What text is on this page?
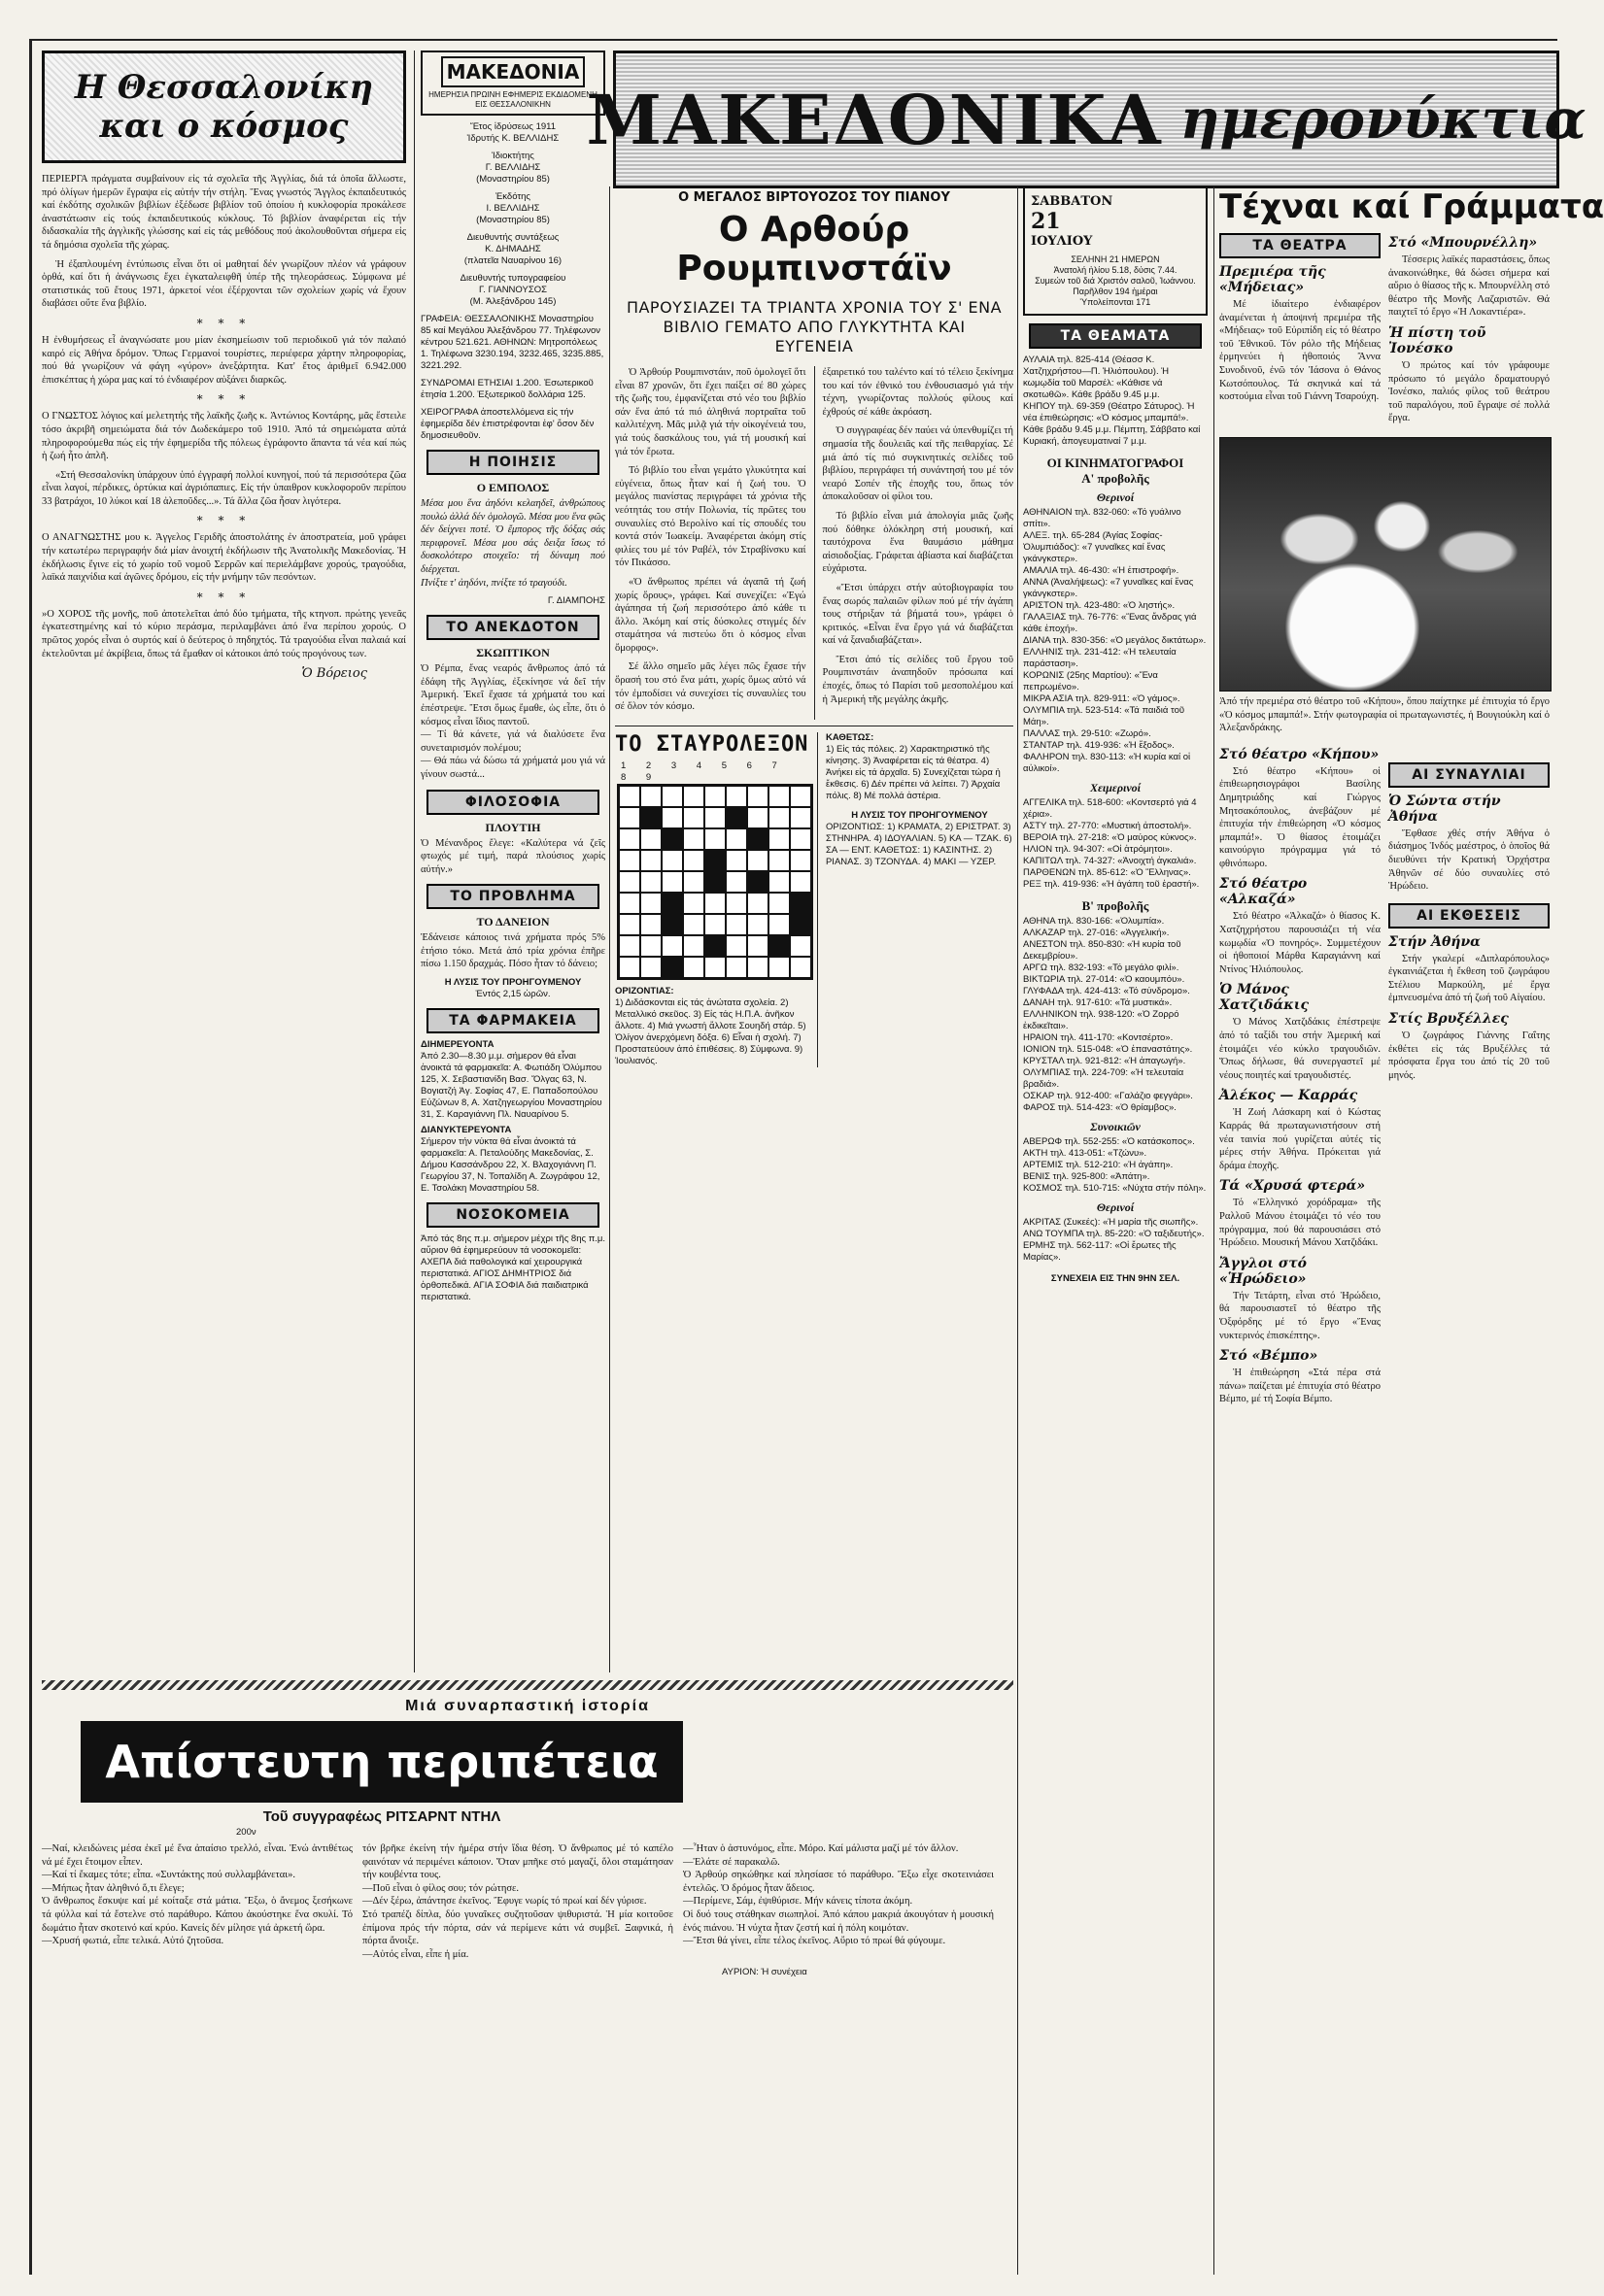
ΜΑΚΕΔΟΝΙΚΑ ημερονύκτια
Η Θεσσαλονίκη
και ο κόσμος

ΠΕΡΙΕΡΓΑ πράγματα συμβαίνουν εἰς τά σχολεῖα τῆς Ἀγγλίας, διά τά ὁποῖα ἄλλωστε, πρό ὀλίγων ἡμερῶν ἔγραψα εἰς αὐτήν τήν στήλη. Ἕνας γνωστός Ἄγγλος ἐκπαιδευτικός καί ἐκδότης σχολικῶν βιβλίων ἐξέδωσε βιβλίον τοῦ ὁποίου ἡ κυκλοφορία προκάλεσε ἀναστάτωσιν εἰς τούς ἐκπαιδευτικούς κύκλους. Τό βιβλίον ἀναφέρεται εἰς τήν διδασκαλία τῆς ἀγγλικῆς γλώσσης καί εἰς τάς μεθόδους πού ἀκολουθοῦνται σήμερα εἰς τά δημόσια σχολεῖα τῆς χώρας.

Ἡ ἐξαπλουμένη ἐντύπωσις εἶναι ὅτι οἱ μαθηταί δέν γνωρίζουν πλέον νά γράφουν ὀρθά, καί ὅτι ἡ ἀνάγνωσις ἔχει ἐγκαταλειφθῆ ὑπέρ τῆς τηλεοράσεως. Σύμφωνα μέ στατιστικάς τοῦ ἔτους 1971, ἀρκετοί νέοι ἐξέρχονται τῶν σχολείων χωρίς νά ἔχουν διαβάσει οὔτε ἕνα βιβλίο.

* * *

Η ἐνθυμήσεως εἶ ἀναγνώσατε μου μίαν ἐκσημείωσιν τοῦ περιοδικοῦ γιά τόν παλαιό καιρό εἰς Ἀθήνα δρόμον. Ὅπως Γερμανοί τουρίστες, περιέφερα χάρτην πληροφορίας, πού θά γνωρίζουν νά φάγη «γύρον» ἀνεξάρτητα. Κατ' ἔτος ἀριθμεῖ 6.942.000 ἐπισκέπτας ἡ χώρα μας καί τό ἐνδιαφέρον αὐξάνει διαρκῶς.

* * *

Ο ΓΝΩΣΤΟΣ λόγιος καί μελετητής τῆς λαϊκῆς ζωῆς κ. Ἀντώνιος Κοντάρης, μᾶς ἔστειλε τόσο ἀκριβῆ σημειώματα διά τόν Δωδεκάμερο τοῦ 1910. Ἀπό τά σημειώματα αὐτά πληροφορούμεθα πώς εἰς τήν ἐφημερίδα τῆς πόλεως ἐγράφοντο ἅπαντα τά νέα καί πώς ἡ ζωή ἦτο ἁπλῆ.

«Στή Θεσσαλονίκη ὑπάρχουν ὑπό ἐγγραφή πολλοί κυνηγοί, πού τά περισσότερα ζῶα εἶναι λαγοί, πέρδικες, ὀρτύκια καί ἀγριόπαπιες. Εἰς τήν ὑπαιθρον κυκλοφοροῦν περίπου 33 βατράχοι, 10 λύκοι καί 18 ἀλεποῦδες...». Τά ἄλλα ζῶα ἦσαν λιγότερα.

* * *

Ο ΑΝΑΓΝΩΣΤΗΣ μου κ. Ἀγγελος Γεριδῆς ἀποστολάτης ἐν ἀποστρατεία, μοῦ γράφει τήν κατωτέρω περιγραφήν διά μίαν ἀνοιχτή ἐκδήλωσιν τῆς Ἀνατολικῆς Μακεδονίας. Ἡ ἐκδήλωσις ἔγινε εἰς τό χωρίο τοῦ νομοῦ Σερρῶν καί περιελάμβανε χορούς, τραγούδια, λαϊκά παιχνίδια καί ἀγῶνες δρόμου, εἰς τήν μνήμην τῶν πεσόντων.

* * *

»Ο ΧΟΡΟΣ τῆς μονῆς, ποῦ ἀποτελεῖται ἀπό δύο τμήματα, τῆς κτηνοπ. πρώτης γενεᾶς ἐγκατεστημένης καί τό κύριο περάσμα, περιλαμβάνει ἀπό ἕνα περίπου χορούς. Ο πρῶτος χορός εἶναι ὁ συρτός καί ὁ δεύτερος ὁ πηδηχτός. Τά τραγούδια εἶναι παλαιά καί ἐκτελοῦνται μέ ἀκρίβεια, ὅπως τά ἔμαθαν οἱ κάτοικοι ἀπό τούς προγόνους των.

Ὁ Βόρειος
ΜΑΚΕΔΟΝΙΑ
ΗΜΕΡΗΣΙΑ ΠΡΩΙΝΗ ΕΦΗΜΕΡΙΣ ΕΚΔΙΔΟΜΕΝΗ ΕΙΣ ΘΕΣΣΑΛΟΝΙΚΗΝ
Ἔτος ἱδρύσεως 1911
Ἱδρυτής Κ. ΒΕΛΛΙΔΗΣ
Ἰδιοκτήτης
Γ. ΒΕΛΛΙΔΗΣ
(Μοναστηρίου 85)
Ἐκδότης
Ι. ΒΕΛΛΙΔΗΣ
(Μοναστηρίου 85)
Διευθυντής συντάξεως
Κ. ΔΗΜΑΔΗΣ
(πλατεῖα Ναυαρίνου 16)
Διευθυντής τυπογραφείου
Γ. ΓΙΑΝΝΟΥΣΟΣ
(Μ. Ἀλεξάνδρου 145)
ΓΡΑΦΕΙΑ: ΘΕΣΣΑΛΟΝΙΚΗΣ Μοναστηρίου 85 καί Μεγάλου Ἀλεξάνδρου 77. Τηλέφωνον κέντρου 521.621. ΑΘΗΝΩΝ: Μητροπόλεως 1. Τηλέφωνα 3230.194, 3232.465, 3235.885, 3221.292.
ΣΥΝΔΡΟΜΑΙ ΕΤΗΣΙΑΙ 1.200. Ἐσωτερικοῦ ἐτησία 1.200. Ἐξωτερικοῦ δολλάρια 125.
ΧΕΙΡΟΓΡΑΦΑ ἀποστελλόμενα εἰς τήν ἐφημερίδα δέν ἐπιστρέφονται ἐφ' ὅσον δέν δημοσιευθοῦν.
Η ΠΟΙΗΣΙΣ
Ο ΕΜΠΟΛΟΣ
Μέσα μου ἕνα ἀηδόνι κελαηδεῖ, ἀνθρώπους πουλώ ἀλλά δέν ὁμολογῶ. Μέσα μου ἕνα φῶς δέν δείχνει ποτέ. Ὁ ἔμπορος τῆς δόξας σάς περιφρονεῖ. Μέσα μου σάς δειξα ἴσως τό δυσκολότερο στοιχεῖο: τή δύναμη πού διέρχεται.
Πνίξτε τ' ἀηδόνι, πνίξτε τό τραγούδι.
Γ. ΔΙΑΜΠΟΗΣ
ΤΟ ΑΝΕΚΔΟΤΟΝ
ΣΚΩΠΤΙΚΟΝ
Ὁ Ρέμπα, ἕνας νεαρός ἄνθρωπος ἀπό τά ἐδάφη τῆς Ἀγγλίας, ἐξεκίνησε νά δεῖ τήν Ἀμερική. Ἐκεῖ ἔχασε τά χρήματά του καί ἐπέστρεψε. Ἔτσι ὅμως ἔμαθε, ὡς εἶπε, ὅτι ὁ κόσμος εἶναι ἴδιος παντοῦ.
— Τί θά κάνετε, γιά νά διαλύσετε ἕνα συνεταιρισμόν πολέμου;
— Θά πάω νά δώσω τά χρήματά μου γιά νά γίνουν σωστά...
ΦΙΛΟΣΟΦΙΑ
ΠΛΟΥΤΙΗ
Ὁ Μένανδρος ἔλεγε: «Καλύτερα νά ζεῖς φτωχός μέ τιμή, παρά πλούσιος χωρίς αὐτήν.»
ΤΟ ΠΡΟΒΛΗΜΑ
ΤΟ ΔΑΝΕΙΟΝ
Ἐδάνεισε κάποιος τινά χρήματα πρός 5% ἐτήσιο τόκο. Μετά ἀπό τρία χρόνια ἐπῆρε πίσω 1.150 δραχμάς. Πόσο ἦταν τό δάνειο;
Η ΛΥΣΙΣ ΤΟΥ ΠΡΟΗΓΟΥΜΕΝΟΥ
Ἐντός 2,15 ὡρῶν.
ΤΑ ΦΑΡΜΑΚΕΙΑ
ΔΙΗΜΕΡΕΥΟΝΤΑ
Ἀπό 2.30—8.30 μ.μ. σήμερον θά εἶναι ἀνοικτά τά φαρμακεῖα: Α. Φωτιάδη Ὀλύμπου 125, Χ. Σεβαστιανίδη Βασ. Ὄλγας 63, Ν. Βογιατζή Ἁγ. Σοφίας 47, Ε. Παπαδοπούλου Εὐζώνων 8, Α. Χατζηγεωργίου Μοναστηρίου 31, Σ. Καραγιάννη Πλ. Ναυαρίνου 5.
ΔΙΑΝΥΚΤΕΡΕΥΟΝΤΑ
Σήμερον τήν νύκτα θά εἶναι ἀνοικτά τά φαρμακεῖα: Α. Πεταλούδης Μακεδονίας, Σ. Δήμου Κασσάνδρου 22, Χ. Βλαχογιάννη Π. Γεωργίου 37, Ν. Τοπαλίδη Α. Ζωγράφου 12, Ε. Τσολάκη Μοναστηρίου 58.
ΝΟΣΟΚΟΜΕΙΑ
Ἀπό τάς 8ης π.μ. σήμερον μέχρι τῆς 8ης π.μ. αὔριον θά ἐφημερεύουν τά νοσοκομεῖα: ΑΧΕΠΑ διά παθολογικά καί χειρουργικά περιστατικά. ΑΓΙΟΣ ΔΗΜΗΤΡΙΟΣ διά ὀρθοπεδικά. ΑΓΙΑ ΣΟΦΙΑ διά παιδιατρικά περιστατικά.
Ο ΜΕΓΑΛΟΣ ΒΙΡΤΟΥΟΖΟΣ ΤΟΥ ΠΙΑΝΟΥ
Ο Αρθούρ Ρουμπινστάϊν
ΠΑΡΟΥΣΙΑΖΕΙ ΤΑ ΤΡΙΑΝΤΑ ΧΡΟΝΙΑ ΤΟΥ Σ' ΕΝΑ ΒΙΒΛΙΟ ΓΕΜΑΤΟ ΑΠΟ ΓΛΥΚΥΤΗΤΑ ΚΑΙ ΕΥΓΕΝΕΙΑ

Ὁ Ἀρθούρ Ρουμπινστάιν, ποῦ ὁμολογεῖ ὅτι εἶναι 87 χρονῶν, ὅτι ἔχει παίξει σέ 80 χώρες τῆς ζωῆς του, ἐμφανίζεται στό νέο του βιβλίο σάν ἕνα ἀπό τά πιό ἀληθινά πορτραῖτα τοῦ καλλιτέχνη. Μᾶς μιλᾷ γιά τήν οἰκογένειά του, γιά τούς δασκάλους του, γιά τή μουσική καί γιά τόν ἔρωτα.

Τό βιβλίο του εἶναι γεμάτο γλυκύτητα καί εὐγένεια, ὅπως ἦταν καί ἡ ζωή του. Ὁ μεγάλος πιανίστας περιγράφει τά χρόνια τῆς νεότητάς του στήν Πολωνία, τίς πρῶτες του συναυλίες στό Βερολίνο καί τίς σπουδές του κοντά στόν Ἰωακείμ. Ἀναφέρεται ἀκόμη στίς φιλίες του μέ τόν Ραβέλ, τόν Στραβίνσκυ καί τόν Πικάσσο.

«Ὁ ἄνθρωπος πρέπει νά ἀγαπᾶ τή ζωή χωρίς ὅρους», γράφει. Καί συνεχίζει: «Ἐγώ ἀγάπησα τή ζωή περισσότερο ἀπό κάθε τι ἄλλο. Ἀκόμη καί στίς δύσκολες στιγμές δέν σταμάτησα νά πιστεύω ὅτι ὁ κόσμος εἶναι ὄμορφος».

Σέ ἄλλο σημεῖο μᾶς λέγει πῶς ἔχασε τήν ὅρασή του στό ἕνα μάτι, χωρίς ὅμως αὐτό νά τόν ἐμποδίσει νά συνεχίσει τίς συναυλίες του σέ ὅλον τόν κόσμο.

ἐξαιρετικό του ταλέντο καί τό τέλειο ξεκίνημα του καί τόν ἐθνικό του ἐνθουσιασμό γιά τήν τέχνη, γνωρίζοντας πολλούς φίλους καί ἐχθρούς σέ κάθε ἀκρόαση.

Ὁ συγγραφέας δέν παύει νά ὑπενθυμίζει τή σημασία τῆς δουλειᾶς καί τῆς πειθαρχίας. Σέ μιά ἀπό τίς πιό συγκινητικές σελίδες τοῦ βιβλίου, περιγράφει τή συνάντησή του μέ τόν νεαρό Σοπέν τῆς ἐποχῆς του, ὅπως τόν ἀποκαλοῦσαν οἱ φίλοι του.

Τό βιβλίο εἶναι μιά ἀπολογία μιᾶς ζωῆς πού δόθηκε ὁλόκληρη στή μουσική, καί ταυτόχρονα ἕνα θαυμάσιο μάθημα αἰσιοδοξίας. Γράφεται ἀβίαστα καί διαβάζεται εὐχάριστα.

«Ἔτσι ὑπάρχει στήν αὐτοβιογραφία του ἕνας σωρός παλαιῶν φίλων πού μέ τήν ἀγάπη τους στήριξαν τά βήματά του», γράφει ὁ κριτικός. «Εἶναι ἕνα ἔργο γιά νά διαβάζεται καί νά ξαναδιαβάζεται».

Ἔτσι ἀπό τίς σελίδες τοῦ ἔργου τοῦ Ρουμπινστάιν ἀναπηδοῦν πρόσωπα καί ἐποχές, ὅπως τό Παρίσι τοῦ μεσοπολέμου καί ἡ Ἀμερική τῆς μεγάλης ἀκμῆς.

ΤΟ ΣΤΑΥΡΟΛΕΞΟΝ
1 2 3 4 5 6 7 8 9
ΟΡΙΖΟΝΤΙΑΣ:
1) Διδάσκονται εἰς τάς ἀνώτατα σχολεία. 2) Μεταλλικό σκεῦος. 3) Εἰς τάς Η.Π.Α. ἀνῆκον ἄλλοτε. 4) Μιά γνωστή ἄλλοτε Σουηδή στάρ. 5) Ὀλίγον ἀνερχόμενη δόξα. 6) Εἶναι ἡ σχολή. 7) Προστατεύουν ἀπό ἐπιθέσεις. 8) Σύμφωνα. 9) Ἰουλιανός.
ΚΑΘΕΤΩΣ:
1) Εἰς τάς πόλεις. 2) Χαρακτηριστικό τῆς κίνησης. 3) Ἀναφέρεται εἰς τά θέατρα. 4) Ἀνήκει εἰς τά ἀρχαῖα. 5) Συνεχίζεται τώρα ἡ ἔκθεσις. 6) Δέν πρέπει νά λείπει. 7) Ἀρχαία πόλις. 8) Μέ πολλά ἀστέρια.
Η ΛΥΣΙΣ ΤΟΥ ΠΡΟΗΓΟΥΜΕΝΟΥ
ΟΡΙΖΟΝΤΙΩΣ: 1) ΚΡΑΜΑΤΑ, 2) ΕΡΙΣΤΡΑΤ. 3) ΣΤΗΝΗΡΑ. 4) ΙΔΟΥΑΛΙΑΝ. 5) ΚΑ — ΤΖΑΚ. 6) ΣΑ — ΕΝΤ. ΚΑΘΕΤΩΣ: 1) ΚΑΣΙΝΤΗΣ. 2) ΡΙΑΝΑΣ. 3) ΤΖΟΝΥΔΑ. 4) ΜΑΚΙ — ΥΖΕΡ.
ΣΑΒΒΑΤΟΝ
21
ΙΟΥΛΙΟΥ
ΣΕΛΗΝΗ 21 ΗΜΕΡΩΝ
Ἀνατολή ἡλίου 5.18, δύσις 7.44.
Συμεών τοῦ διά Χριστόν σαλοῦ, Ἰωάννου.
Παρῆλθον 194 ἡμέραι
Ὑπολείπονται 171
ΤΑ ΘΕΑΜΑΤΑ
ΑΥΛΑΙΑ τηλ. 825-414 (Θέασσ Κ. Χατζηχρήστου—Π. Ἠλιόπουλου). Ἡ κωμῳδία τοῦ Μαρσέλ: «Κάθισε νά σκοτωθῶ». Κάθε βράδυ 9.45 μ.μ.
ΚΗΠΟΥ τηλ. 69-359 (Θέατρο Σάτυρος). Ἡ νέα ἐπιθεώρησις: «Ὁ κόσμος μπαμπά!». Κάθε βράδυ 9.45 μ.μ. Πέμπτη, Σάββατο καί Κυριακή, ἀπογευματιναί 7 μ.μ.
ΟΙ ΚΙΝΗΜΑΤΟΓΡΑΦΟΙ
Α' προβολῆς
Θερινοί
ΑΘΗΝΑΙΟΝ τηλ. 832-060: «Τό γυάλινο σπίτι».
ΑΛΕΞ. τηλ. 65-284 (Ἁγίας Σοφίας-Ὀλυμπιάδος): «7 γυναῖκες καί ἕνας γκάνγκστερ».
ΑΜΑΛΙΑ τηλ. 46-430: «Ἡ ἐπιστροφή».
ΑΝΝΑ (Ἀναλήψεως): «7 γυναῖκες καί ἕνας γκάνγκστερ».
ΑΡΙΣΤΟΝ τηλ. 423-480: «Ὁ ληστής».
ΓΑΛΑΞΙΑΣ τηλ. 76-776: «Ἕνας ἄνδρας γιά κάθε ἐποχή».
ΔΙΑΝΑ τηλ. 830-356: «Ὁ μεγάλος δικτάτωρ».
ΕΛΛΗΝΙΣ τηλ. 231-412: «Ἡ τελευταία παράσταση».
ΚΟΡΩΝΙΣ (25ης Μαρτίου): «Ἕνα πεπρωμένο».
ΜΙΚΡΑ ΑΣΙΑ τηλ. 829-911: «Ὁ γάμος».
ΟΛΥΜΠΙΑ τηλ. 523-514: «Τά παιδιά τοῦ Μάη».
ΠΑΛΛΑΣ τηλ. 29-510: «Ζωρό».
ΣΤΑΝΤΑΡ τηλ. 419-936: «Ἡ ἔξοδος».
ΦΑΛΗΡΟΝ τηλ. 830-113: «Ἡ κυρία καί οἱ αὐλικοί».
Χειμερινοί
ΑΓΓΕΛΙΚΑ τηλ. 518-600: «Κοντσερτό γιά 4 χέρια».
ΑΣΤΥ τηλ. 27-770: «Μυστική ἀποστολή».
ΒΕΡΟΙΑ τηλ. 27-218: «Ὁ μαύρος κύκνος».
ΗΛΙΟΝ τηλ. 94-307: «Οἱ ἀτρόμητοι».
ΚΑΠΙΤΩΛ τηλ. 74-327: «Ἀνοιχτή ἀγκαλιά».
ΠΑΡΘΕΝΩΝ τηλ. 85-612: «Ὁ Ἕλληνας».
ΡΕΞ τηλ. 419-936: «Ἡ ἀγάπη τοῦ ἐραστή».
Β' προβολῆς
ΑΘΗΝΑ τηλ. 830-166: «Ὀλυμπία».
ΑΛΚΑΖΑΡ τηλ. 27-016: «Ἀγγελική».
ΑΝΕΣΤΟΝ τηλ. 850-830: «Ἡ κυρία τοῦ Δεκεμβρίου».
ΑΡΓΩ τηλ. 832-193: «Τό μεγάλο φιλί».
ΒΙΚΤΩΡΙΑ τηλ. 27-014: «Ὁ καουμπόυ».
ΓΛΥΦΑΔΑ τηλ. 424-413: «Τό σύνδρομο».
ΔΑΝΑΗ τηλ. 917-610: «Τά μυστικά».
ΕΛΛΗΝΙΚΟΝ τηλ. 938-120: «Ὁ Ζορρό ἐκδικεῖται».
ΗΡΑΙΟΝ τηλ. 411-170: «Κοντσέρτο».
ΙΟΝΙΟΝ τηλ. 515-048: «Ὁ ἐπαναστάτης».
ΚΡΥΣΤΑΛ τηλ. 921-812: «Ἡ ἀπαγωγή».
ΟΛΥΜΠΙΑΣ τηλ. 224-709: «Ἡ τελευταία βραδιά».
ΟΣΚΑΡ τηλ. 912-400: «Γαλάζιο φεγγάρι».
ΦΑΡΟΣ τηλ. 514-423: «Ὁ θρίαμβος».
Συνοικιῶν
ΑΒΕΡΩΦ τηλ. 552-255: «Ὁ κατάσκοπος».
ΑΚΤΗ τηλ. 413-051: «Τζώνυ».
ΑΡΤΕΜΙΣ τηλ. 512-210: «Ἡ ἀγάπη».
ΒΕΝΙΣ τηλ. 925-800: «Ἀπάτη».
ΚΟΣΜΟΣ τηλ. 510-715: «Νύχτα στήν πόλη».
Θερινοί
ΑΚΡΙΤΑΣ (Συκεές): «Ἡ μαρία τῆς σιωπῆς».
ΑΝΩ ΤΟΥΜΠΑ τηλ. 85-220: «Ὁ ταξιδευτής».
ΕΡΜΗΣ τηλ. 562-117: «Οἱ ἔρωτες τῆς Μαρίας».
ΣΥΝΕΧΕΙΑ ΕΙΣ ΤΗΝ 9ΗΝ ΣΕΛ.
Τέχναι καί Γράμματα
ΤΑ ΘΕΑΤΡΑ
Πρεμιέρα τῆς «Μήδειας»

Μέ ἰδιαίτερο ἐνδιαφέρον ἀναμένεται ἡ ἀποψινή πρεμιέρα τῆς «Μήδειας» τοῦ Εὐριπίδη εἰς τό θέατρο τοῦ Ἐθνικοῦ. Τόν ρόλο τῆς Μήδειας ἑρμηνεύει ἡ ἡθοποιός Ἄννα Συνοδινοῦ, ἐνῶ τόν Ἰάσονα ὁ Θάνος Κωτσόπουλος. Τά σκηνικά καί τά κοστούμια εἶναι τοῦ Γιάννη Τσαρούχη.

Στό «Μπουρνέλλη»

Τέσσερις λαϊκές παραστάσεις, ὅπως ἀνακοινώθηκε, θά δώσει σήμερα καί αὔριο ὁ θίασος τῆς κ. Μπουρνέλλη στό θέατρο τῆς Μονῆς Λαζαριστῶν. Θά παιχτεῖ τό ἔργο «Ἡ Λοκαντιέρα».

Ἡ πίστη τοῦ Ἰονέσκο

Ὁ πρώτος καί τόν γράφουμε πρόσωπο τό μεγάλο δραματουργό Ἰονέσκο, παλιός φίλος τοῦ θεάτρου τοῦ παραλόγου, ποῦ ἔγραψε σέ πολλά ἔργα.

Ἀπό τήν πρεμιέρα στό θέατρο τοῦ «Κήπου», ὅπου παίχτηκε μέ ἐπιτυχία τό ἔργο «Ὁ κόσμος μπαμπά!». Στήν φωτογραφία οἱ πρωταγωνιστές, ἡ Βουγιούκλη καί ὁ Ἀλεξανδράκης.

Στό θέατρο «Κήπου»

Στό θέατρο «Κήπου» οἱ ἐπιθεωρησιογράφοι Βασίλης Δημητριάδης καί Γιώργος Μητσακόπουλος, ἀνεβάζουν μέ ἐπιτυχία τήν ἐπιθεώρηση «Ὁ κόσμος μπαμπά!». Ὁ θίασος ἑτοιμάζει καινούργιο πρόγραμμα γιά τό φθινόπωρο.

Στό θέατρο «Αλκαζά»

Στό θέατρο «Ἀλκαζά» ὁ θίασος Κ. Χατζηχρήστου παρουσιάζει τή νέα κωμῳδία «Ὁ πονηρός». Συμμετέχουν οἱ ἡθοποιοί Μάρθα Καραγιάννη καί Ντίνος Ἠλιόπουλος.

Ὁ Μάνος Χατζιδάκις

Ὁ Μάνος Χατζιδάκις ἐπέστρεψε ἀπό τό ταξίδι του στήν Ἀμερική καί ἑτοιμάζει νέο κύκλο τραγουδιῶν. Ὅπως δήλωσε, θά συνεργαστεῖ μέ νέους ποιητές καί τραγουδιστές.

Ἀλέκος — Καρράς

Ἡ Ζωή Λάσκαρη καί ὁ Κώστας Καρράς θά πρωταγωνιστήσουν στή νέα ταινία πού γυρίζεται αὐτές τίς μέρες στήν Ἀθήνα. Πρόκειται γιά δράμα ἐποχῆς.

Τά «Χρυσά φτερά»

Τό «Ἑλληνικό χορόδραμα» τῆς Ραλλοῦ Μάνου ἑτοιμάζει τό νέο του πρόγραμμα, πού θά παρουσιάσει στό Ἡρώδειο. Μουσική Μάνου Χατζιδάκι.

Ἄγγλοι στό «Ἡρώδειο»

Τήν Τετάρτη, εἶναι στό Ἡρώδειο, θά παρουσιαστεῖ τό θέατρο τῆς Ὀξφόρδης μέ τό ἔργο «Ἕνας νυκτερινός ἐπισκέπτης».

Στό «Βέμπο»

Ἡ ἐπιθεώρηση «Στά πέρα στά πάνω» παίζεται μέ ἐπιτυχία στό θέατρο Βέμπο, μέ τή Σοφία Βέμπο.

ΑΙ ΣΥΝΑΥΛΙΑΙ
Ὁ Σώντα στήν Ἀθήνα

Ἔφθασε χθές στήν Ἀθήνα ὁ διάσημος Ἰνδός μαέστρος, ὁ ὁποῖος θά διευθύνει τήν Κρατική Ὀρχήστρα Ἀθηνῶν σέ δύο συναυλίες στό Ἡρώδειο.

ΑΙ ΕΚΘΕΣΕΙΣ
Στήν Ἀθήνα

Στήν γκαλερί «Διπλαρόπουλος» ἐγκαινιάζεται ἡ ἔκθεση τοῦ ζωγράφου Στέλιου Μαρκούλη, μέ ἔργα ἐμπνευσμένα ἀπό τή ζωή τοῦ Αἰγαίου.

Στίς Βρυξέλλες

Ὁ ζωγράφος Γιάννης Γαΐτης ἐκθέτει εἰς τάς Βρυξέλλες τά πρόσφατα ἔργα του ἀπό τίς 20 τοῦ μηνός.

Μιά συναρπαστική ἱστορία
Απίστευτη περιπέτεια
Τοῦ συγγραφέως ΡΙΤΣΑΡΝΤ ΝΤΗΛ
200ν

—Ναί, κλειδώνεις μέσα ἐκεῖ μέ ἕνα ἀπαίσιο τρελλό, εἶναι. Ἐνώ ἀντιθέτως νά μέ ἔχει ἔτοιμον εἶπεν.
—Καί τί ἔκαμες τότε; εἶπα. «Συντάκτης πού συλλαμβάνεται».
—Μήπως ἦταν ἀληθινό ὅ,τι ἔλεγε;
Ὁ ἄνθρωπος ἔσκυψε καί μέ κοίταξε στά μάτια. Ἔξω, ὁ ἄνεμος ξεσήκωνε τά φύλλα καί τά ἔστελνε στό παράθυρο. Κάπου ἀκούστηκε ἕνα σκυλί. Τό δωμάτιο ἦταν σκοτεινό καί κρύο. Κανείς δέν μίλησε γιά ἀρκετή ὥρα.
—Χρυσή φωτιά, εἶπε τελικά. Αὐτό ζητοῦσα.

τόν βρῆκε ἐκείνη τήν ἡμέρα στήν ἴδια θέση. Ὁ ἄνθρωπος μέ τό καπέλο φαινόταν νά περιμένει κάποιον. Ὅταν μπῆκε στό μαγαζί, ὅλοι σταμάτησαν τήν κουβέντα τους.
—Ποῦ εἶναι ὁ φίλος σου; τόν ρώτησε.
—Δέν ξέρω, ἀπάντησε ἐκεῖνος. Ἔφυγε νωρίς τό πρωί καί δέν γύρισε.
Στό τραπέζι δίπλα, δύο γυναῖκες συζητοῦσαν ψιθυριστά. Ἡ μία κοιτοῦσε ἐπίμονα πρός τήν πόρτα, σάν νά περίμενε κάτι νά συμβεῖ. Ξαφνικά, ἡ πόρτα ἄνοιξε.
—Αὐτός εἶναι, εἶπε ἡ μία.

—Ἦταν ὁ ἀστυνόμος, εἶπε. Μόρο. Καί μάλιστα μαζί μέ τόν ἄλλον.
—Ἐλάτε σέ παρακαλῶ.
Ὁ Ἀρθούρ σηκώθηκε καί πλησίασε τό παράθυρο. Ἔξω εἶχε σκοτεινιάσει ἐντελῶς. Ὁ δρόμος ἦταν ἄδειος.
—Περίμενε, Σάμ, ἐψιθύρισε. Μήν κάνεις τίποτα ἀκόμη.
Οἱ δυό τους στάθηκαν σιωπηλοί. Ἀπό κάπου μακριά ἀκουγόταν ἡ μουσική ἑνός πιάνου. Ἡ νύχτα ἦταν ζεστή καί ἡ πόλη κοιμόταν.
—Ἔτσι θά γίνει, εἶπε τέλος ἐκεῖνος. Αὔριο τό πρωί θά φύγουμε.

ΑΥΡΙΟΝ: Ἡ συνέχεια
